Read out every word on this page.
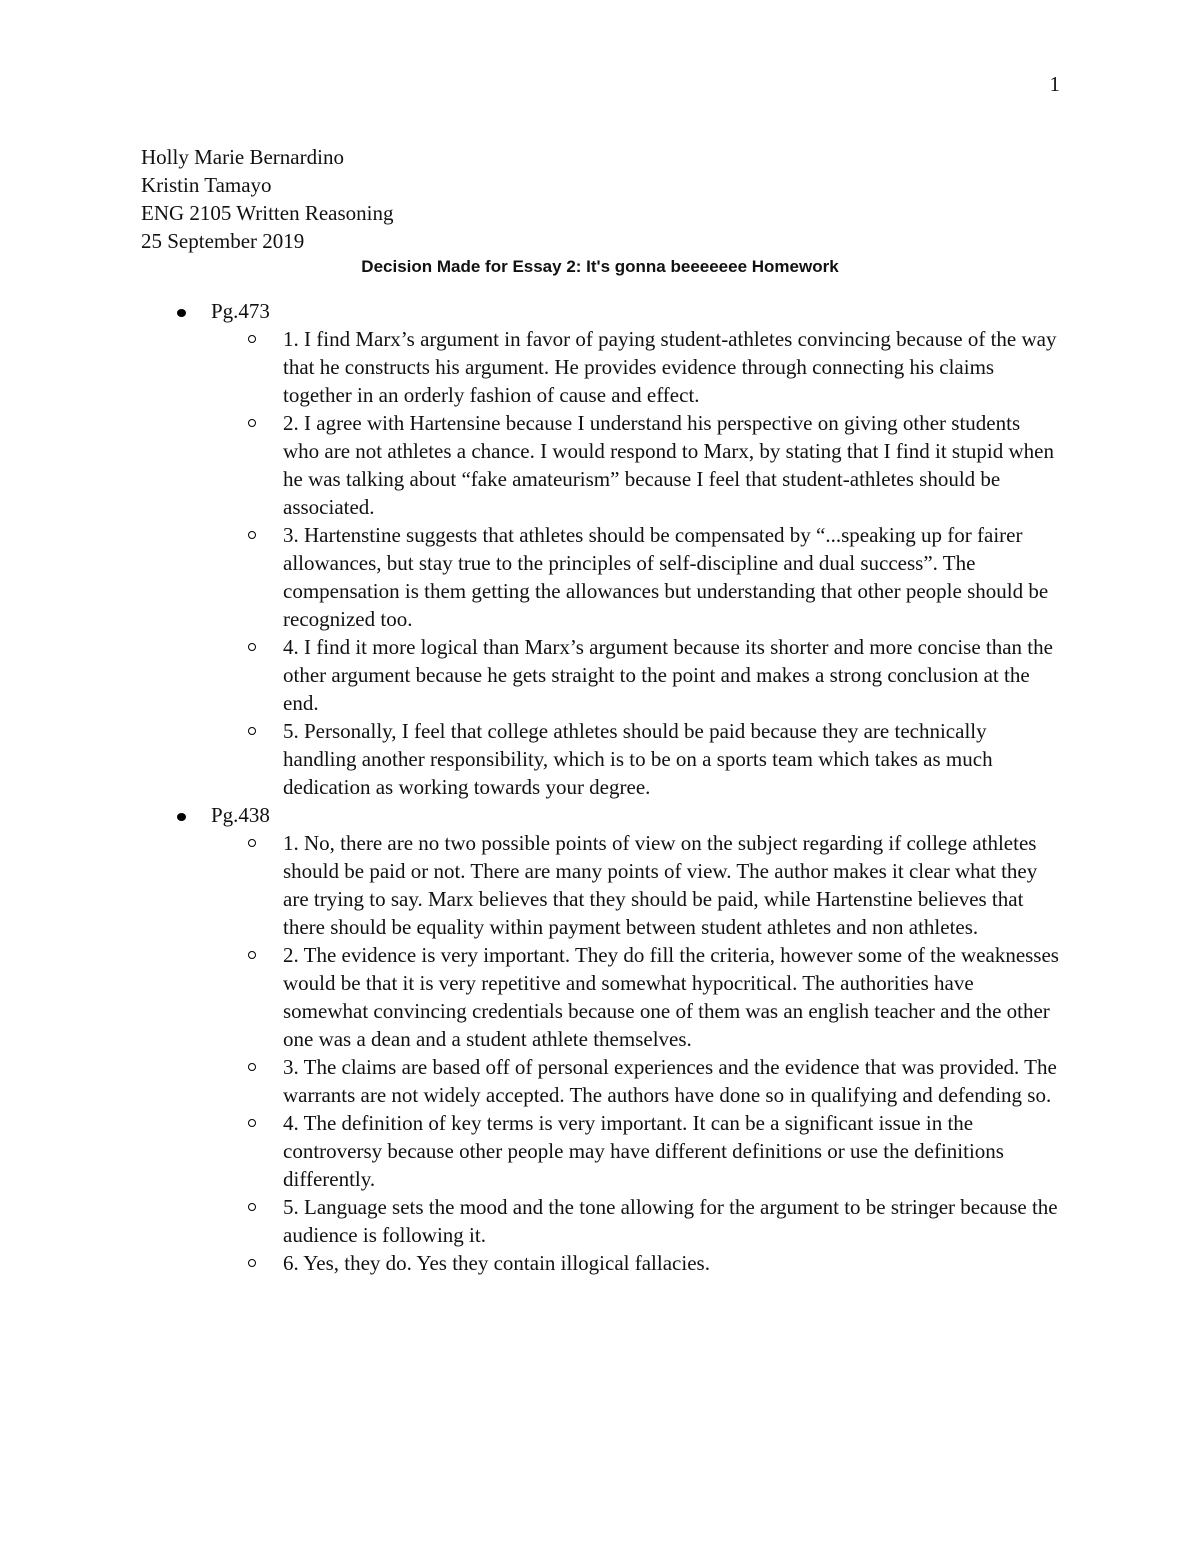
1
Holly Marie Bernardino
Kristin Tamayo
ENG 2105 Written Reasoning
25 September 2019
Decision Made for Essay 2: It's gonna beeeeeee Homework
Pg.473
1. I find Marx’s argument in favor of paying student-athletes convincing because of the way that he constructs his argument. He provides evidence through connecting his claims together in an orderly fashion of cause and effect.
2. I agree with Hartensine because I understand his perspective on giving other students who are not athletes a chance. I would respond to Marx, by stating that I find it stupid when he was talking about “fake amateurism” because I feel that student-athletes should be associated.
3. Hartenstine suggests that athletes should be compensated by “...speaking up for fairer allowances, but stay true to the principles of self-discipline and dual success”. The compensation is them getting the allowances but understanding that other people should be recognized too.
4. I find it more logical than Marx’s argument because its shorter and more concise than the other argument because he gets straight to the point and makes a strong conclusion at the end.
5. Personally, I feel that college athletes should be paid because they are technically handling another responsibility, which is to be on a sports team which takes as much dedication as working towards your degree.
Pg.438
1. No, there are no two possible points of view on the subject regarding if college athletes should be paid or not. There are many points of view. The author makes it clear what they are trying to say. Marx believes that they should be paid, while Hartenstine believes that there should be equality within payment between student athletes and non athletes.
2. The evidence is very important. They do fill the criteria, however some of the weaknesses would be that it is very repetitive and somewhat hypocritical. The authorities have somewhat convincing credentials because one of them was an english teacher and the other one was a dean and a student athlete themselves.
3. The claims are based off of personal experiences and the evidence that was provided. The warrants are not widely accepted. The authors have done so in qualifying and defending so.
4. The definition of key terms is very important. It can be a significant issue in the controversy because other people may have different definitions or use the definitions differently.
5. Language sets the mood and the tone allowing for the argument to be stringer because the audience is following it.
6. Yes, they do. Yes they contain illogical fallacies.
